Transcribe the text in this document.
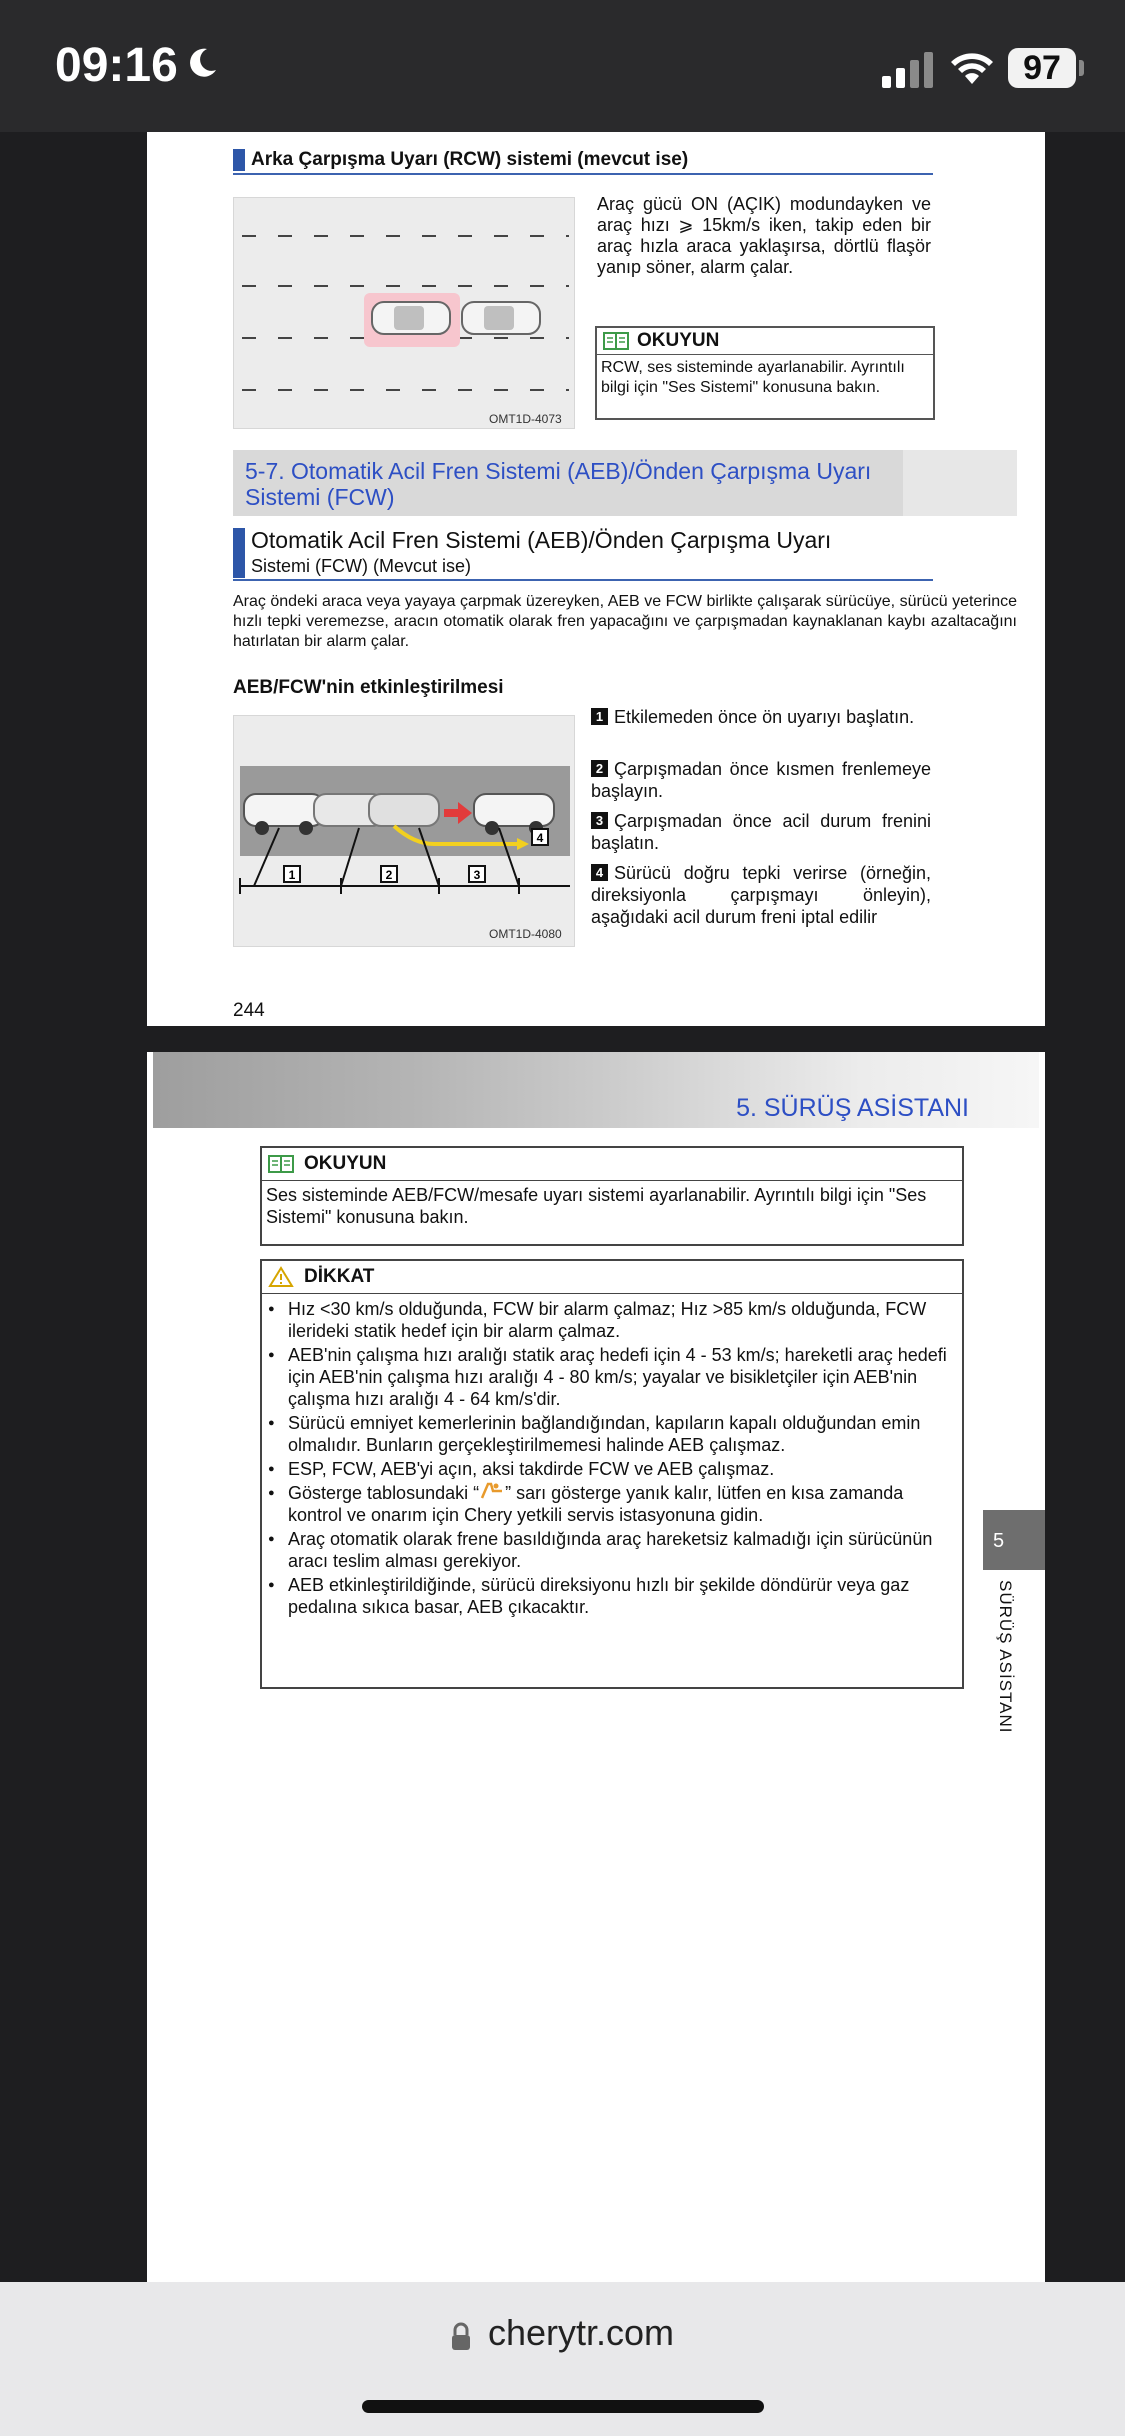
09:16	97
Arka Çarpışma Uyarı (RCW) sistemi (mevcut ise)
OMT1D-4073
Araç gücü ON (AÇIK) modundayken ve araç hızı ⩾ 15km/s iken, takip eden bir araç hızla araca yaklaşırsa, dörtlü flaşör yanıp söner, alarm çalar.
OKUYUN
RCW, ses sisteminde ayarlanabilir. Ayrıntılı bilgi için "Ses Sistemi" konusuna bakın.
5-7. Otomatik Acil Fren Sistemi (AEB)/Önden Çarpışma Uyarı Sistemi (FCW)
Otomatik Acil Fren Sistemi (AEB)/Önden Çarpışma Uyarı
Sistemi (FCW) (Mevcut ise)
Araç öndeki araca veya yayaya çarpmak üzereyken, AEB ve FCW birlikte çalışarak sürücüye, sürücü yeterince hızlı tepki veremezse, aracın otomatik olarak fren yapacağını ve çarpışmadan kaynaklanan kaybı azaltacağını hatırlatan bir alarm çalar.
AEB/FCW'nin etkinleştirilmesi
1	2	3
4
OMT1D-4080
1 Etkilemeden önce ön uyarıyı başlatın.
2 Çarpışmadan önce kısmen frenlemeye başlayın.
3 Çarpışmadan önce acil durum frenini başlatın.
4 Sürücü doğru tepki verirse (örneğin, direksiyonla çarpışmayı önleyin), aşağıdaki acil durum freni iptal edilir
244
5. SÜRÜŞ ASİSTANI
OKUYUN
Ses sisteminde AEB/FCW/mesafe uyarı sistemi ayarlanabilir. Ayrıntılı bilgi için "Ses Sistemi" konusuna bakın.
DİKKAT
● Hız <30 km/s olduğunda, FCW bir alarm çalmaz; Hız >85 km/s olduğunda, FCW ilerideki statik hedef için bir alarm çalmaz.
● AEB'nin çalışma hızı aralığı statik araç hedefi için 4 - 53 km/s; hareketli araç hedefi için AEB'nin çalışma hızı aralığı 4 - 80 km/s; yayalar ve bisikletçiler için AEB'nin çalışma hızı aralığı 4 - 64 km/s'dir.
● Sürücü emniyet kemerlerinin bağlandığından, kapıların kapalı olduğundan emin olmalıdır. Bunların gerçekleştirilmemesi halinde AEB çalışmaz.
● ESP, FCW, AEB'yi açın, aksi takdirde FCW ve AEB çalışmaz.
● Gösterge tablosundaki “ ” sarı gösterge yanık kalır, lütfen en kısa zamanda kontrol ve onarım için Chery yetkili servis istasyonuna gidin.
● Araç otomatik olarak frene basıldığında araç hareketsiz kalmadığı için sürücünün aracı teslim alması gerekiyor.
● AEB etkinleştirildiğinde, sürücü direksiyonu hızlı bir şekilde döndürür veya gaz pedalına sıkıca basar, AEB çıkacaktır.
5
SÜRÜŞ ASİSTANI
cherytr.com
